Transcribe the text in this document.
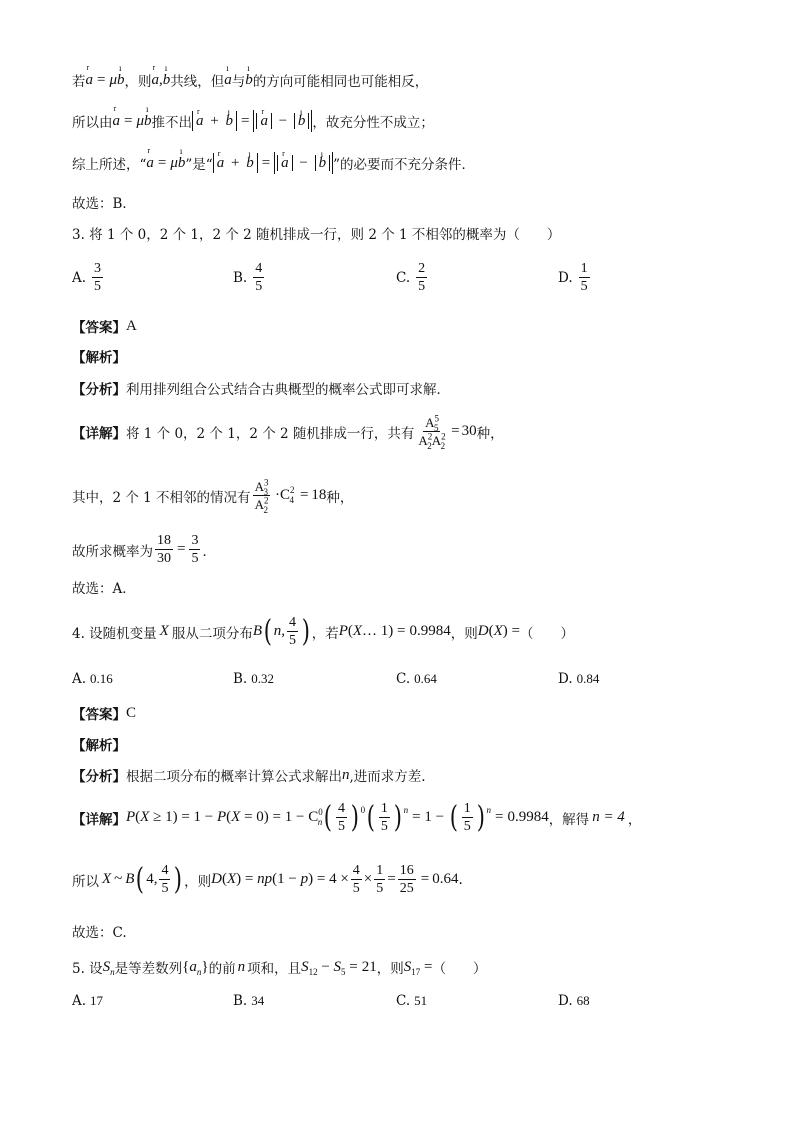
若 r a = μ ı b ，则 r a , ı b 共线，但 ı a 与 ı b 的方向可能相同也可能相反，
所以由 r a = μ ı b 推不出 r a + ı b = r a − ı b ，故充分性不成立；
综上所述，“ r a = μ ı b ”是“ r a + ı b = r a − ı b ”的必要而不充分条件．
故选：B．
3. 将 1 个 0，2 个 1，2 个 2 随机排成一行，则 2 个 1 不相邻的概率为（　　）
A. $\frac{3}{5}$	B. $\frac{4}{5}$	C. $\frac{2}{5}$	D. $\frac{1}{5}$
【答案】 A
【解析】
【分析】 利用排列组合公式结合古典概型的概率公式即可求解．
【详解】 将 1 个 0，2 个 1，2 个 2 随机排成一行，共有 $\frac{A^5_5}{A^2_2A^2_2} = 30$ 种，
其中，2 个 1 不相邻的情况有 $\frac{A^3_3}{A^2_2} \cdot C^2_4 = 18$ 种，
故所求概率为 $\frac{18}{30} = \frac{3}{5}$ ．
故选：A．
4. 设随机变量 X 服从二项分布 B ( n, $\frac{4}{5}$ ) ，若 P ( X … 1) = 0.9984 ，则 D ( X ) = （　　）
A. 0.16	B. 0.32	C. 0.64	D. 0.84
【答案】 C
【解析】
【分析】 根据二项分布的概率计算公式求解出 n ,进而求方差.
【详解】 $P(X \ge 1) = 1 - P(X = 0) = 1 - C^0_n$ ( $\frac{4}{5}$ ) 0 ( $\frac{1}{5}$ ) n = 1 − ( $\frac{1}{5}$ ) n = 0.9984 ，解得 n = 4 ，
所以 X ~ B ( 4, $\frac{4}{5}$ ) ，则 $D(X) = np(1 - p) = 4 \times \frac{4}{5} \times \frac{1}{5} = \frac{16}{25} = 0.64$ .
故选：C.
5. 设 $S_n$ 是等差数列 $\{a_n\}$ 的前 n 项和，且 $S_{12} - S_5 = 21$ ，则 $S_{17}$ = （　　）
A. 17	B. 34	C. 51	D. 68
